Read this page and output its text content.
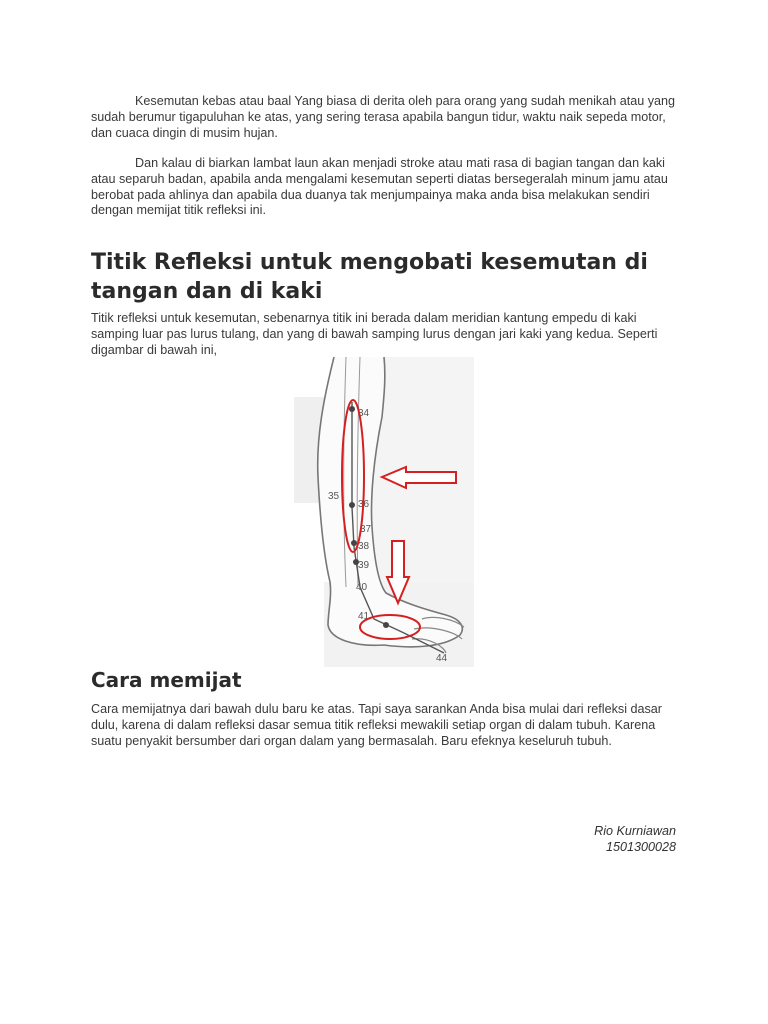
Kesemutan kebas atau baal Yang biasa di derita oleh para orang yang sudah menikah atau yang sudah berumur tigapuluhan ke atas, yang sering terasa apabila bangun tidur, waktu naik sepeda motor, dan cuaca dingin di musim hujan.

Dan kalau di biarkan lambat laun akan menjadi stroke atau mati rasa di bagian tangan dan kaki atau separuh badan, apabila anda mengalami kesemutan seperti diatas bersegeralah minum jamu atau berobat pada ahlinya dan apabila dua duanya tak menjumpainya maka anda bisa melakukan sendiri dengan memijat titik refleksi ini.

Titik Refleksi untuk mengobati kesemutan di tangan dan di kaki

Titik refleksi untuk kesemutan, sebenarnya titik ini berada dalam meridian kantung empedu di kaki samping luar pas lurus tulang, dan yang di bawah samping lurus dengan jari kaki yang kedua. Seperti digambar di bawah ini,

34
35
36
37
38
39
40
41
44
Cara memijat

Cara memijatnya dari bawah dulu baru ke atas. Tapi saya sarankan Anda bisa mulai dari refleksi dasar dulu, karena di dalam refleksi dasar semua titik refleksi mewakili setiap organ di dalam tubuh. Karena suatu penyakit bersumber dari organ dalam yang bermasalah. Baru efeknya keseluruh tubuh.

Rio Kurniawan
1501300028
